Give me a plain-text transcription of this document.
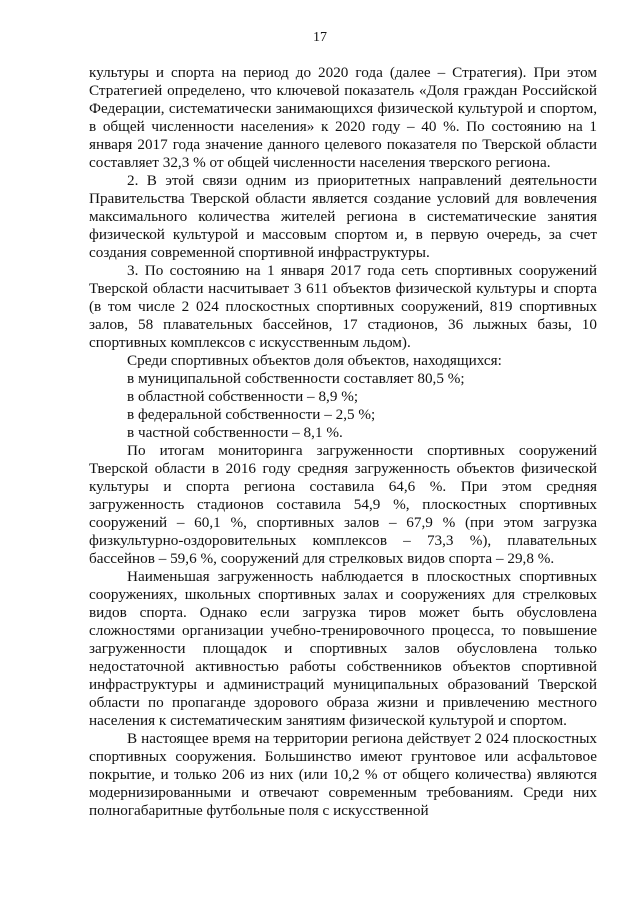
17

культуры и спорта на период до 2020 года (далее – Стратегия). При этом Стратегией определено, что ключевой показатель «Доля граждан Российской Федерации, систематически занимающихся физической культурой и спортом, в общей численности населения» к 2020 году – 40 %. По состоянию на 1 января 2017 года значение данного целевого показателя по Тверской области составляет 32,3 % от общей численности населения тверского региона.

2. В этой связи одним из приоритетных направлений деятельности Правительства Тверской области является создание условий для вовлечения максимального количества жителей региона в систематические занятия физической культурой и массовым спортом и, в первую очередь, за счет создания современной спортивной инфраструктуры.

3. По состоянию на 1 января 2017 года сеть спортивных сооружений Тверской области насчитывает 3 611 объектов физической культуры и спорта (в том числе 2 024 плоскостных спортивных сооружений, 819 спортивных залов, 58 плавательных бассейнов, 17 стадионов, 36 лыжных базы, 10 спортивных комплексов с искусственным льдом).

Среди спортивных объектов доля объектов, находящихся:

в муниципальной собственности составляет 80,5 %;

в областной собственности – 8,9 %;

в федеральной собственности – 2,5 %;

в частной собственности – 8,1 %.

По итогам мониторинга загруженности спортивных сооружений Тверской области в 2016 году средняя загруженность объектов физической культуры и спорта региона составила 64,6 %. При этом средняя загруженность стадионов составила 54,9 %, плоскостных спортивных сооружений – 60,1 %, спортивных залов – 67,9 % (при этом загрузка физкультурно-оздоровительных комплексов – 73,3 %), плавательных бассейнов – 59,6 %, сооружений для стрелковых видов спорта – 29,8 %.

Наименьшая загруженность наблюдается в плоскостных спортивных сооружениях, школьных спортивных залах и сооружениях для стрелковых видов спорта. Однако если загрузка тиров может быть обусловлена сложностями организации учебно-тренировочного процесса, то повышение загруженности площадок и спортивных залов обусловлена только недостаточной активностью работы собственников объектов спортивной инфраструктуры и администраций муниципальных образований Тверской области по пропаганде здорового образа жизни и привлечению местного населения к систематическим занятиям физической культурой и спортом.

В настоящее время на территории региона действует 2 024 плоскостных спортивных сооружения. Большинство имеют грунтовое или асфальтовое покрытие, и только 206 из них (или 10,2 % от общего количества) являются модернизированными и отвечают современным требованиям. Среди них полногабаритные футбольные поля с искусственной
